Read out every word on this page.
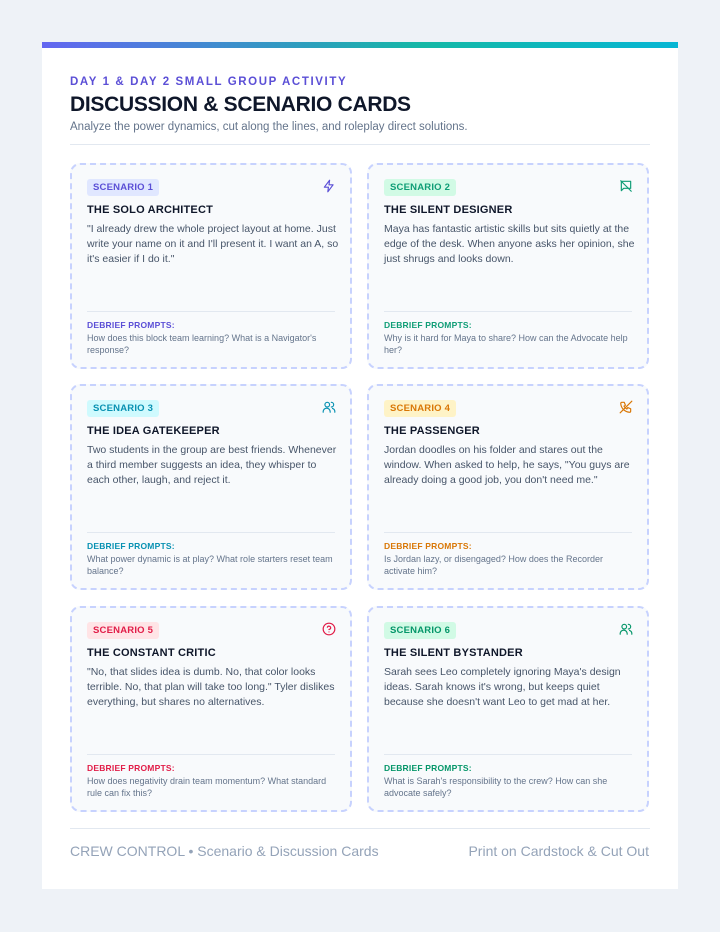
DAY 1 & DAY 2 SMALL GROUP ACTIVITY
DISCUSSION & SCENARIO CARDS
Analyze the power dynamics, cut along the lines, and roleplay direct solutions.
SCENARIO 1
THE SOLO ARCHITECT
"I already drew the whole project layout at home. Just write your name on it and I'll present it. I want an A, so it's easier if I do it."
DEBRIEF PROMPTS:
How does this block team learning? What is a Navigator's response?
SCENARIO 2
THE SILENT DESIGNER
Maya has fantastic artistic skills but sits quietly at the edge of the desk. When anyone asks her opinion, she just shrugs and looks down.
DEBRIEF PROMPTS:
Why is it hard for Maya to share? How can the Advocate help her?
SCENARIO 3
THE IDEA GATEKEEPER
Two students in the group are best friends. Whenever a third member suggests an idea, they whisper to each other, laugh, and reject it.
DEBRIEF PROMPTS:
What power dynamic is at play? What role starters reset team balance?
SCENARIO 4
THE PASSENGER
Jordan doodles on his folder and stares out the window. When asked to help, he says, "You guys are already doing a good job, you don't need me."
DEBRIEF PROMPTS:
Is Jordan lazy, or disengaged? How does the Recorder activate him?
SCENARIO 5
THE CONSTANT CRITIC
"No, that slides idea is dumb. No, that color looks terrible. No, that plan will take too long." Tyler dislikes everything, but shares no alternatives.
DEBRIEF PROMPTS:
How does negativity drain team momentum? What standard rule can fix this?
SCENARIO 6
THE SILENT BYSTANDER
Sarah sees Leo completely ignoring Maya's design ideas. Sarah knows it's wrong, but keeps quiet because she doesn't want Leo to get mad at her.
DEBRIEF PROMPTS:
What is Sarah's responsibility to the crew? How can she advocate safely?
CREW CONTROL • Scenario & Discussion Cards	Print on Cardstock & Cut Out
